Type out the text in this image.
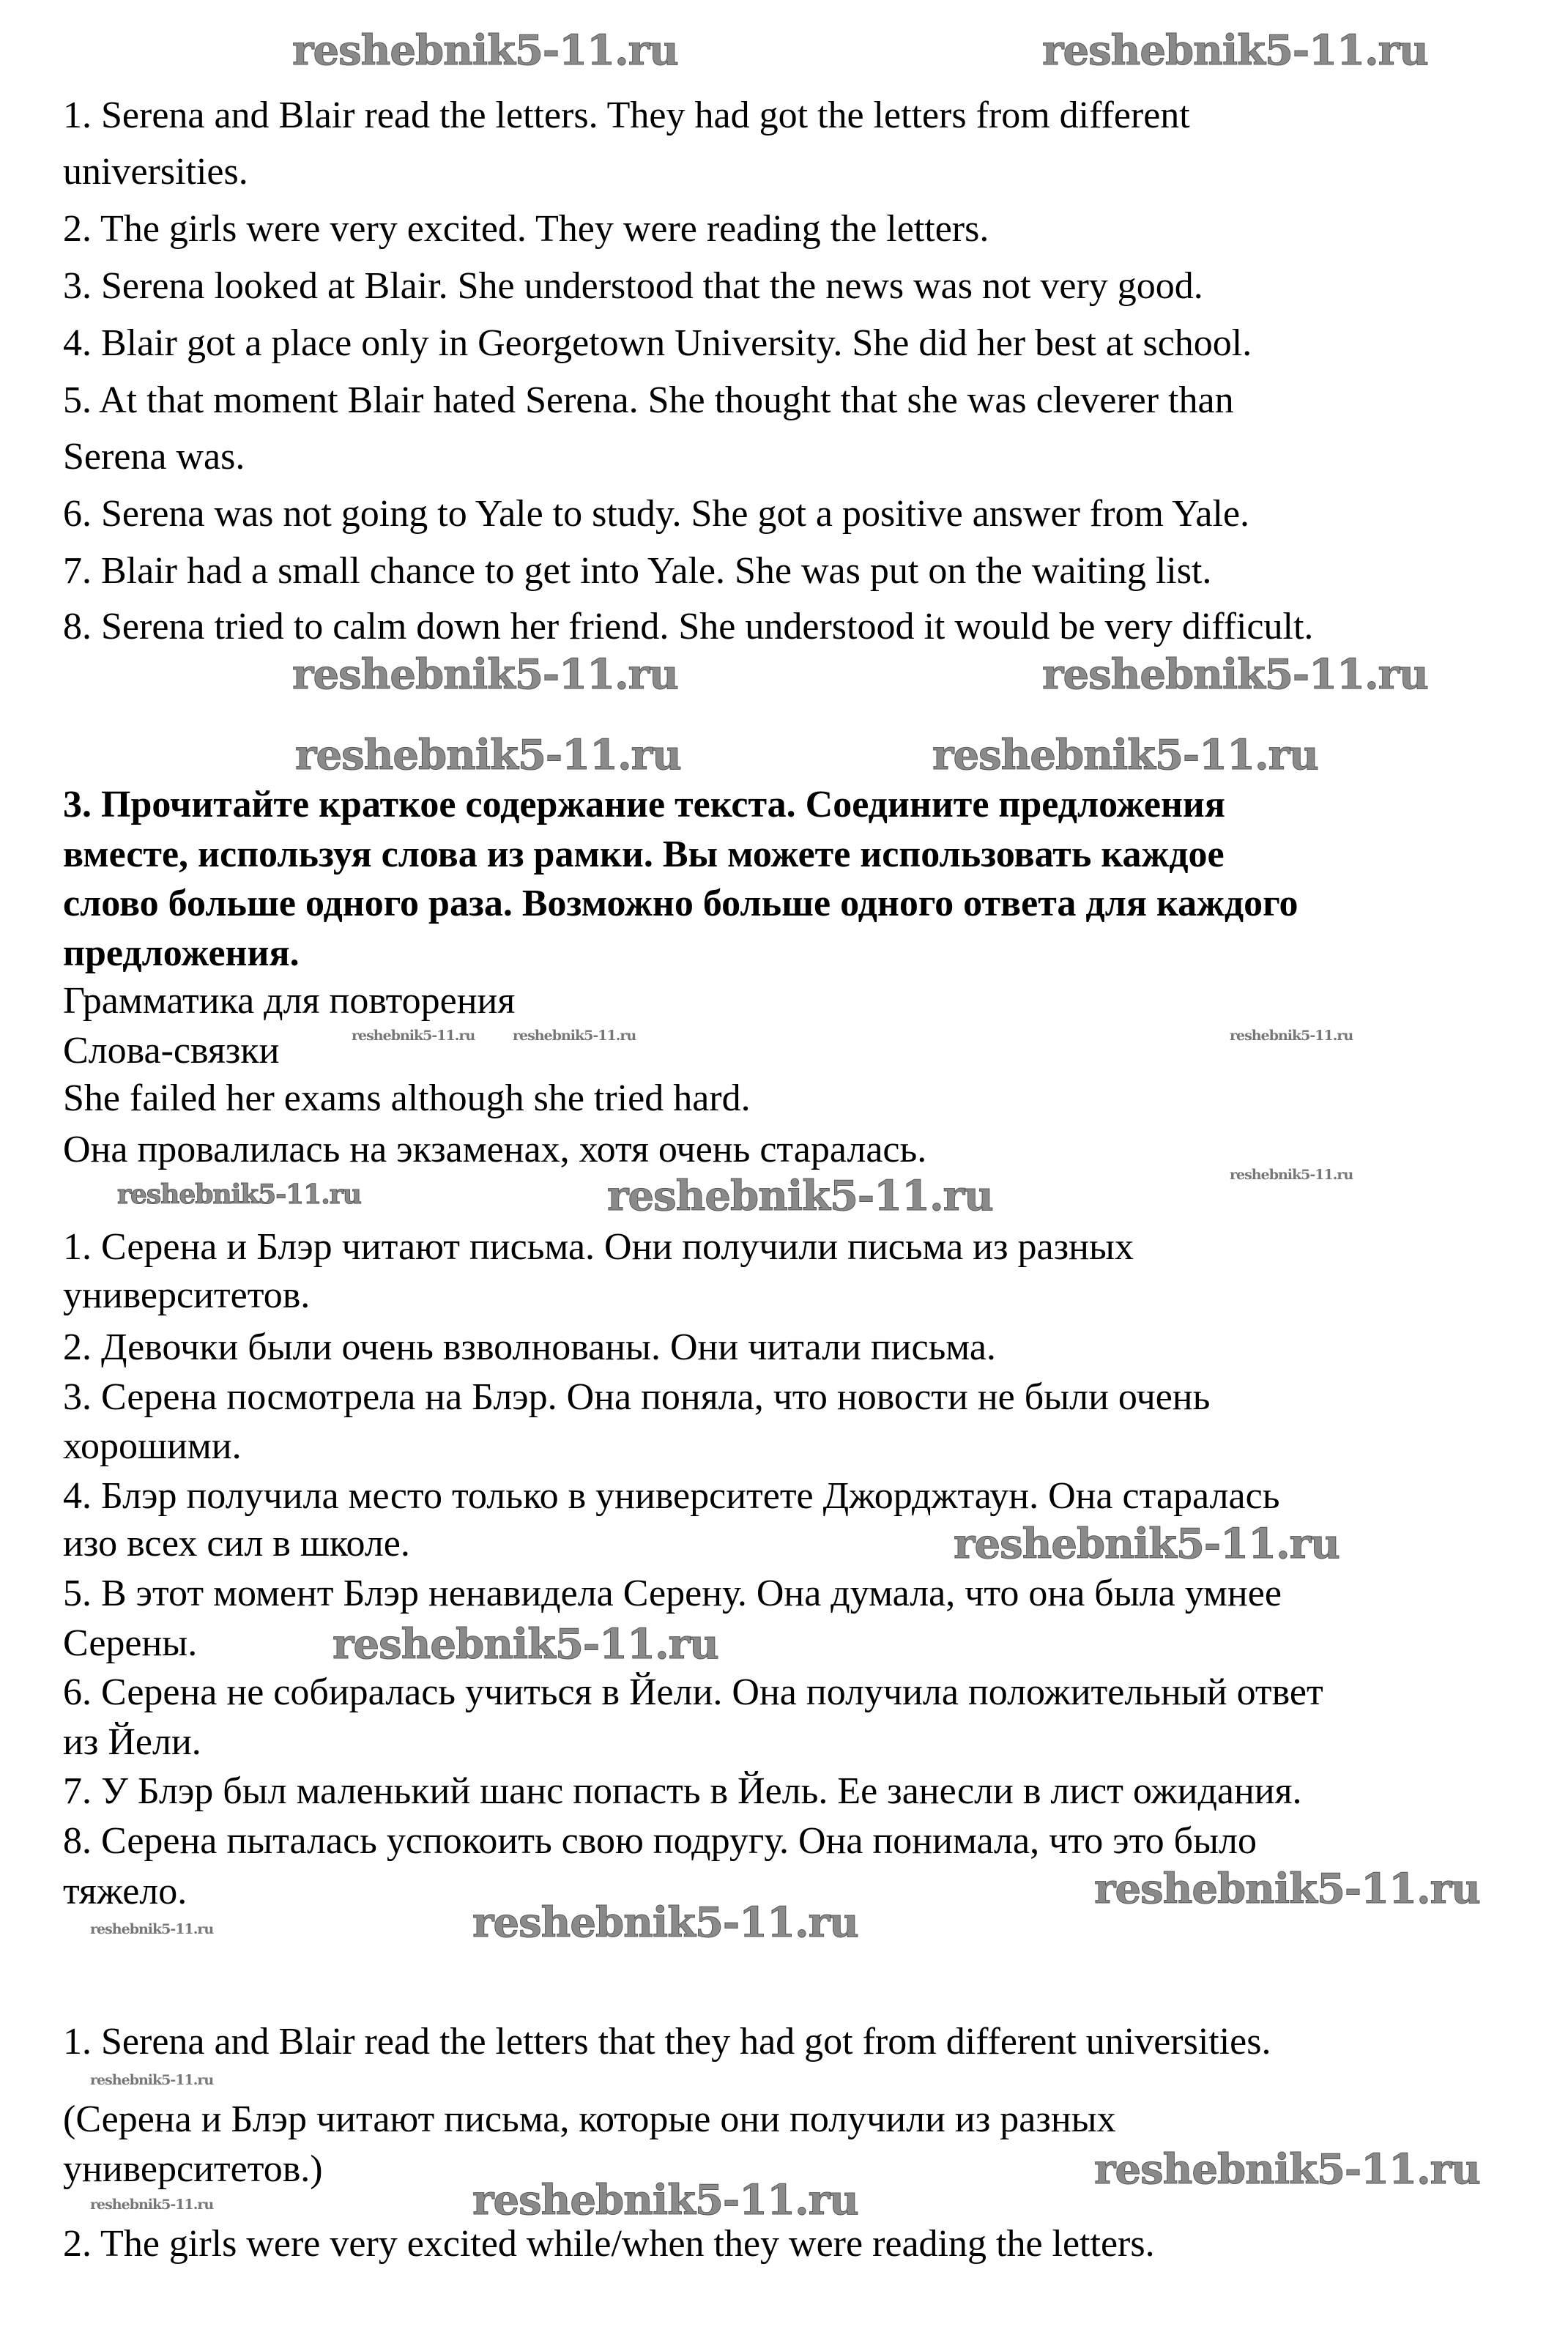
1. Serena and Blair read the letters. They had got the letters from different
universities.
2. The girls were very excited. They were reading the letters.
3. Serena looked at Blair. She understood that the news was not very good.
4. Blair got a place only in Georgetown University. She did her best at school.
5. At that moment Blair hated Serena. She thought that she was cleverer than
Serena was.
6. Serena was not going to Yale to study. She got a positive answer from Yale.
7. Blair had a small chance to get into Yale. She was put on the waiting list.
8. Serena tried to calm down her friend. She understood it would be very difficult.
3. Прочитайте краткое содержание текста. Соедините предложения
вместе, используя слова из рамки. Вы можете использовать каждое
слово больше одного раза. Возможно больше одного ответа для каждого
предложения.
Грамматика для повторения
Слова-связки
She failed her exams although she tried hard.
Она провалилась на экзаменах, хотя очень старалась.
1. Серена и Блэр читают письма. Они получили письма из разных
университетов.
2. Девочки были очень взволнованы. Они читали письма.
3. Серена посмотрела на Блэр. Она поняла, что новости не были очень
хорошими.
4. Блэр получила место только в университете Джорджтаун. Она старалась
изо всех сил в школе.
5. В этот момент Блэр ненавидела Серену. Она думала, что она была умнее
Серены.
6. Серена не собиралась учиться в Йели. Она получила положительный ответ
из Йели.
7. У Блэр был маленький шанс попасть в Йель. Ее занесли в лист ожидания.
8. Серена пыталась успокоить свою подругу. Она понимала, что это было
тяжело.
1. Serena and Blair read the letters that they had got from different universities.
(Серена и Блэр читают письма, которые они получили из разных
университетов.)
2. The girls were very excited while/when they were reading the letters.
reshebnik5-11.ru	reshebnik5-11.ru
reshebnik5-11.ru	reshebnik5-11.ru
reshebnik5-11.ru	reshebnik5-11.ru
reshebnik5-11.ru
reshebnik5-11.ru
reshebnik5-11.ru
reshebnik5-11.ru
reshebnik5-11.ru
reshebnik5-11.ru
reshebnik5-11.ru
reshebnik5-11.ru
reshebnik5-11.ru	reshebnik5-11.ru	reshebnik5-11.ru
reshebnik5-11.ru
reshebnik5-11.ru
reshebnik5-11.ru
reshebnik5-11.ru
